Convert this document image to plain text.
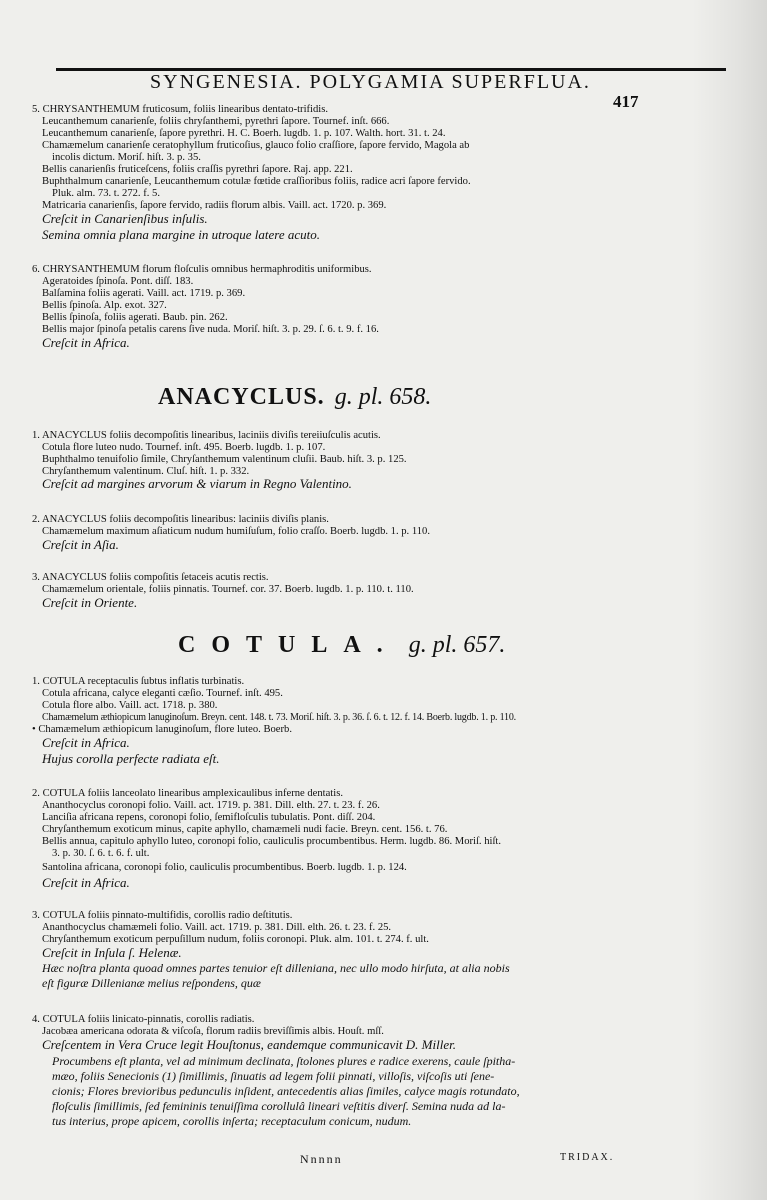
SYNGENESIA. POLYGAMIA SUPERFLUA.
417
5. CHRYSANTHEMUM fruticosum, foliis linearibus dentato-trifidis.
Leucanthemum canarienſe, foliis chryſanthemi, pyrethri ſapore. Tournef. inſt. 666.
Leucanthemum canarienſe, ſapore pyrethri. H. C. Boerh. lugdb. 1. p. 107. Walth. hort. 31. t. 24.
Chamæmelum canarienſe ceratophyllum fruticoſius, glauco folio craſſiore, ſapore fervido, Magola ab
incolis dictum. Moriſ. hiſt. 3. p. 35.
Bellis canarienſis fruticeſcens, foliis craſſis pyrethri ſapore. Raj. app. 221.
Buphthalmum canarienſe, Leucanthemum cotulæ fœtide craſſioribus foliis, radice acri ſapore fervido.
Pluk. alm. 73. t. 272. f. 5.
Matricaria canarienſis, ſapore fervido, radiis florum albis. Vaill. act. 1720. p. 369.
Creſcit in Canarienſibus inſulis.
Semina omnia plana margine in utroque latere acuto.
6. CHRYSANTHEMUM florum floſculis omnibus hermaphroditis uniformibus.
Ageratoides ſpinoſa. Pont. diſſ. 183.
Balſamina foliis agerati. Vaill. act. 1719. p. 369.
Bellis ſpinoſa. Alp. exot. 327.
Bellis ſpinoſa, foliis agerati. Baub. pin. 262.
Bellis major ſpinoſa petalis carens ſive nuda. Moriſ. hiſt. 3. p. 29. ſ. 6. t. 9. f. 16.
Creſcit in Africa.
ANACYCLUS. g. pl. 658.
1. ANACYCLUS foliis decompoſitis linearibus, laciniis diviſis tereiiuſculis acutis.
Cotula flore luteo nudo. Tournef. inſt. 495. Boerb. lugdb. 1. p. 107.
Buphthalmo tenuifolio ſimile, Chryſanthemum valentinum cluſii. Baub. hiſt. 3. p. 125.
Chryſanthemum valentinum. Cluſ. hiſt. 1. p. 332.
Creſcit ad margines arvorum & viarum in Regno Valentino.
2. ANACYCLUS foliis decompoſitis linearibus: laciniis diviſis planis.
Chamæmelum maximum aſiaticum nudum humiſuſum, folio craſſo. Boerb. lugdb. 1. p. 110.
Creſcit in Aſia.
3. ANACYCLUS foliis compoſitis ſetaceis acutis rectis.
Chamæmelum orientale, foliis pinnatis. Tournef. cor. 37. Boerb. lugdb. 1. p. 110. t. 110.
Creſcit in Oriente.
COTULA. g. pl. 657.
1. COTULA receptaculis ſubtus inflatis turbinatis.
Cotula africana, calyce eleganti cæſio. Tournef. inſt. 495.
Cotula flore albo. Vaill. act. 1718. p. 380.
Chamæmelum æthiopicum lanuginoſum. Breyn. cent. 148. t. 73. Moriſ. hiſt. 3. p. 36. ſ. 6. t. 12. f. 14. Boerb. lugdb. 1. p. 110.
• Chamæmelum æthiopicum lanuginoſum, flore luteo. Boerb.
Creſcit in Africa.
Hujus corolla perfecte radiata eſt.
2. COTULA foliis lanceolato linearibus amplexicaulibus inferne dentatis.
Ananthocyclus coronopi folio. Vaill. act. 1719. p. 381. Dill. elth. 27. t. 23. f. 26.
Lanciſia africana repens, coronopi folio, ſemifloſculis tubulatis. Pont. diſſ. 204.
Chryſanthemum exoticum minus, capite aphyllo, chamæmeli nudi facie. Breyn. cent. 156. t. 76.
Bellis annua, capitulo aphyllo luteo, coronopi folio, cauliculis procumbentibus. Herm. lugdb. 86. Moriſ. hiſt.
3. p. 30. ſ. 6. t. 6. f. ult.
Santolina africana, coronopi folio, cauliculis procumbentibus. Boerb. lugdb. 1. p. 124.
Creſcit in Africa.
3. COTULA foliis pinnato-multifidis, corollis radio deſtitutis.
Ananthocyclus chamæmeli folio. Vaill. act. 1719. p. 381. Dill. elth. 26. t. 23. f. 25.
Chryſanthemum exoticum perpuſillum nudum, foliis coronopi. Pluk. alm. 101. t. 274. f. ult.
Creſcit in Inſula ſ. Helenæ.
Hæc noſtra planta quoad omnes partes tenuior eſt dilleniana, nec ullo modo hirſuta, at alia nobis
eſt figuræ Dillenianæ melius reſpondens, quæ
4. COTULA foliis linicato-pinnatis, corollis radiatis.
Jacobæa americana odorata & viſcoſa, florum radiis breviſſimis albis. Houſt. mſſ.
Creſcentem in Vera Cruce legit Houſtonus, eandemque communicavit D. Miller.
Procumbens eſt planta, vel ad minimum declinata, ſtolones plures e radice exerens, caule ſpitha-
mæo, foliis Senecionis (1) ſimillimis, ſinuatis ad legem folii pinnati, villoſis, viſcoſis uti ſene-
cionis; Flores brevioribus pedunculis inſident, antecedentis alias ſimiles, calyce magis rotundato,
floſculis ſimillimis, ſed femininis tenuiſſima corollulâ lineari veſtitis diverſ. Semina nuda ad la-
tus interius, prope apicem, corollis inſerta; receptaculum conicum, nudum.
Nnnnn	TRIDAX.
